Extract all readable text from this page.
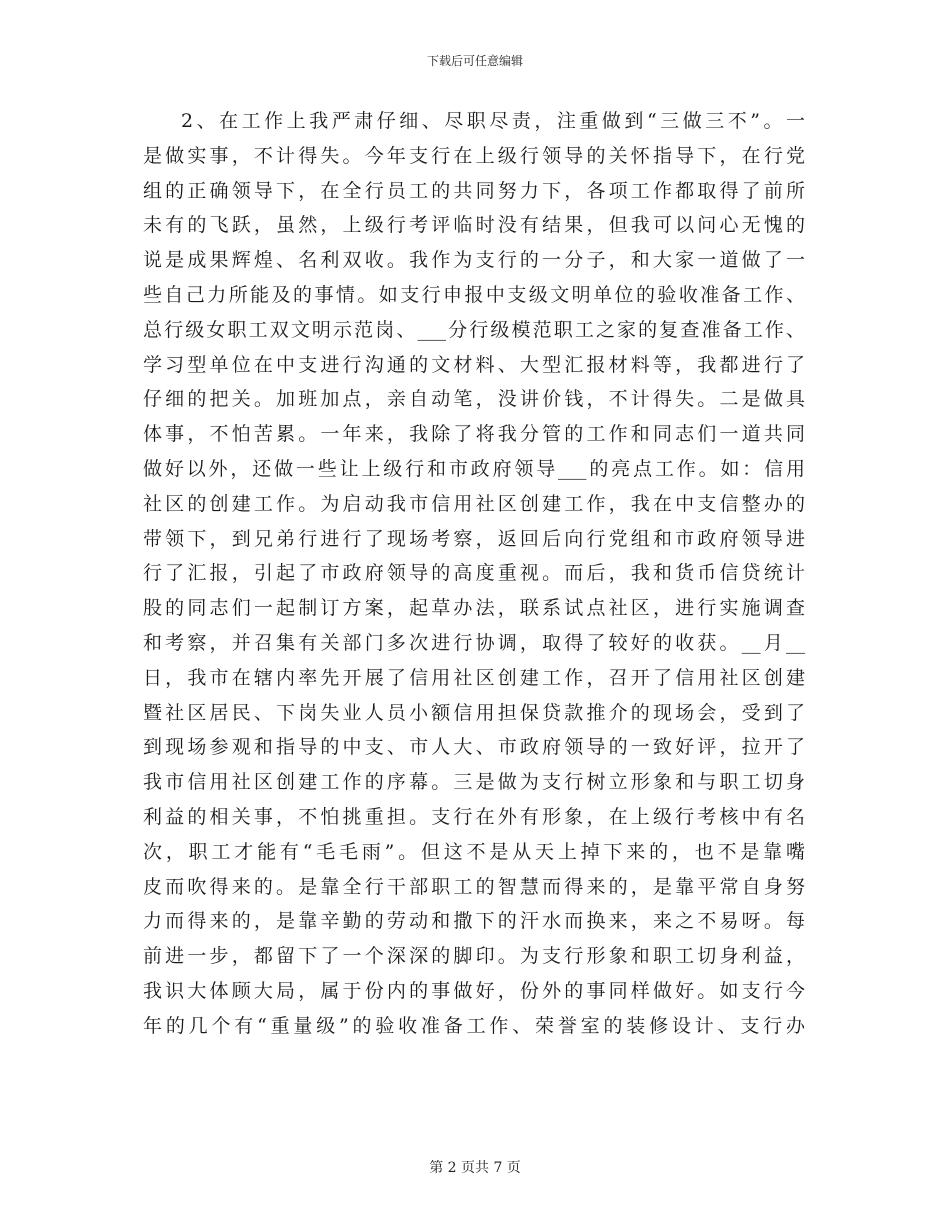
下载后可任意编辑
2、在工作上我严肃仔细、尽职尽责，注重做到“三做三不”。一
是做实事，不计得失。今年支行在上级行领导的关怀指导下，在行党
组的正确领导下，在全行员工的共同努力下，各项工作都取得了前所
未有的飞跃，虽然，上级行考评临时没有结果，但我可以问心无愧的
说是成果辉煌、名利双收。我作为支行的一分子，和大家一道做了一
些自己力所能及的事情。如支行申报中支级文明单位的验收准备工作、
总行级女职工双文明示范岗、___分行级模范职工之家的复查准备工作、
学习型单位在中支进行沟通的文材料、大型汇报材料等，我都进行了
仔细的把关。加班加点，亲自动笔，没讲价钱，不计得失。二是做具
体事，不怕苦累。一年来，我除了将我分管的工作和同志们一道共同
做好以外，还做一些让上级行和市政府领导___的亮点工作。如：信用
社区的创建工作。为启动我市信用社区创建工作，我在中支信整办的
带领下，到兄弟行进行了现场考察，返回后向行党组和市政府领导进
行了汇报，引起了市政府领导的高度重视。而后，我和货币信贷统计
股的同志们一起制订方案，起草办法，联系试点社区，进行实施调查
和考察，并召集有关部门多次进行协调，取得了较好的收获。__月__
日，我市在辖内率先开展了信用社区创建工作，召开了信用社区创建
暨社区居民、下岗失业人员小额信用担保贷款推介的现场会，受到了
到现场参观和指导的中支、市人大、市政府领导的一致好评，拉开了
我市信用社区创建工作的序幕。三是做为支行树立形象和与职工切身
利益的相关事，不怕挑重担。支行在外有形象，在上级行考核中有名
次，职工才能有“毛毛雨”。但这不是从天上掉下来的，也不是靠嘴
皮而吹得来的。是靠全行干部职工的智慧而得来的，是靠平常自身努
力而得来的，是靠辛勤的劳动和撒下的汗水而换来，来之不易呀。每
前进一步，都留下了一个深深的脚印。为支行形象和职工切身利益，
我识大体顾大局，属于份内的事做好，份外的事同样做好。如支行今
年的几个有“重量级”的验收准备工作、荣誉室的装修设计、支行办
第 2 页共 7 页
